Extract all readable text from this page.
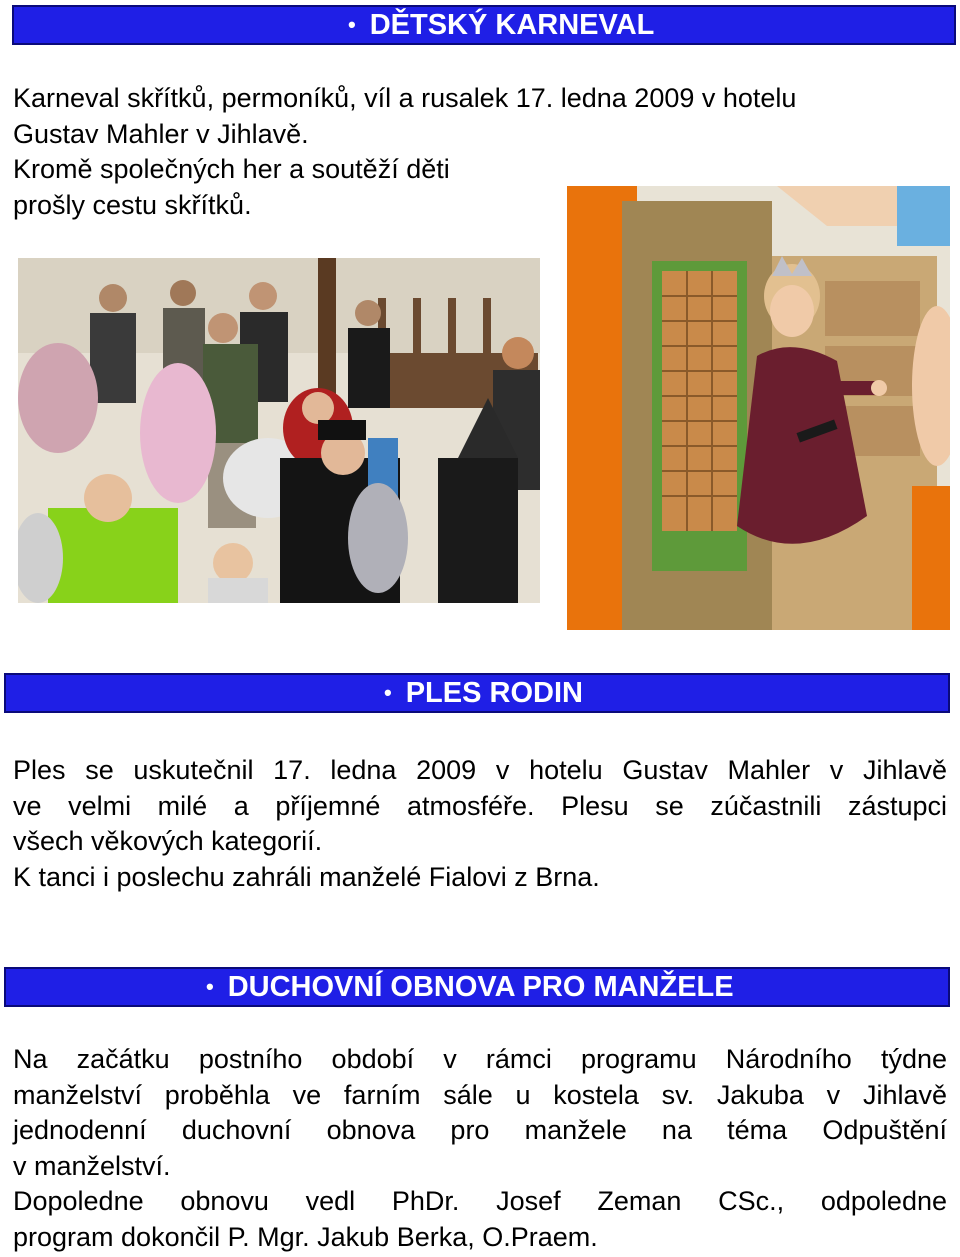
• DĚTSKÝ KARNEVAL
Karneval skřítků, permoníků, víl a rusalek 17. ledna 2009 v hotelu
Gustav Mahler v Jihlavě.
Kromě společných her a soutěží děti
prošly cestu skřítků.
• PLES RODIN
Ples se uskutečnil 17. ledna 2009 v hotelu Gustav Mahler v Jihlavě
ve velmi milé a příjemné atmosféře. Plesu se zúčastnili zástupci
všech věkových kategorií.
K tanci i poslechu zahráli manželé Fialovi z Brna.
• DUCHOVNÍ OBNOVA PRO MANŽELE
Na začátku postního období v rámci programu Národního týdne
manželství proběhla ve farním sále u kostela sv. Jakuba v Jihlavě
jednodenní duchovní obnova pro manžele na téma Odpuštění
v manželství.
Dopoledne obnovu vedl PhDr. Josef Zeman CSc., odpoledne
program dokončil P. Mgr. Jakub Berka, O.Praem.
